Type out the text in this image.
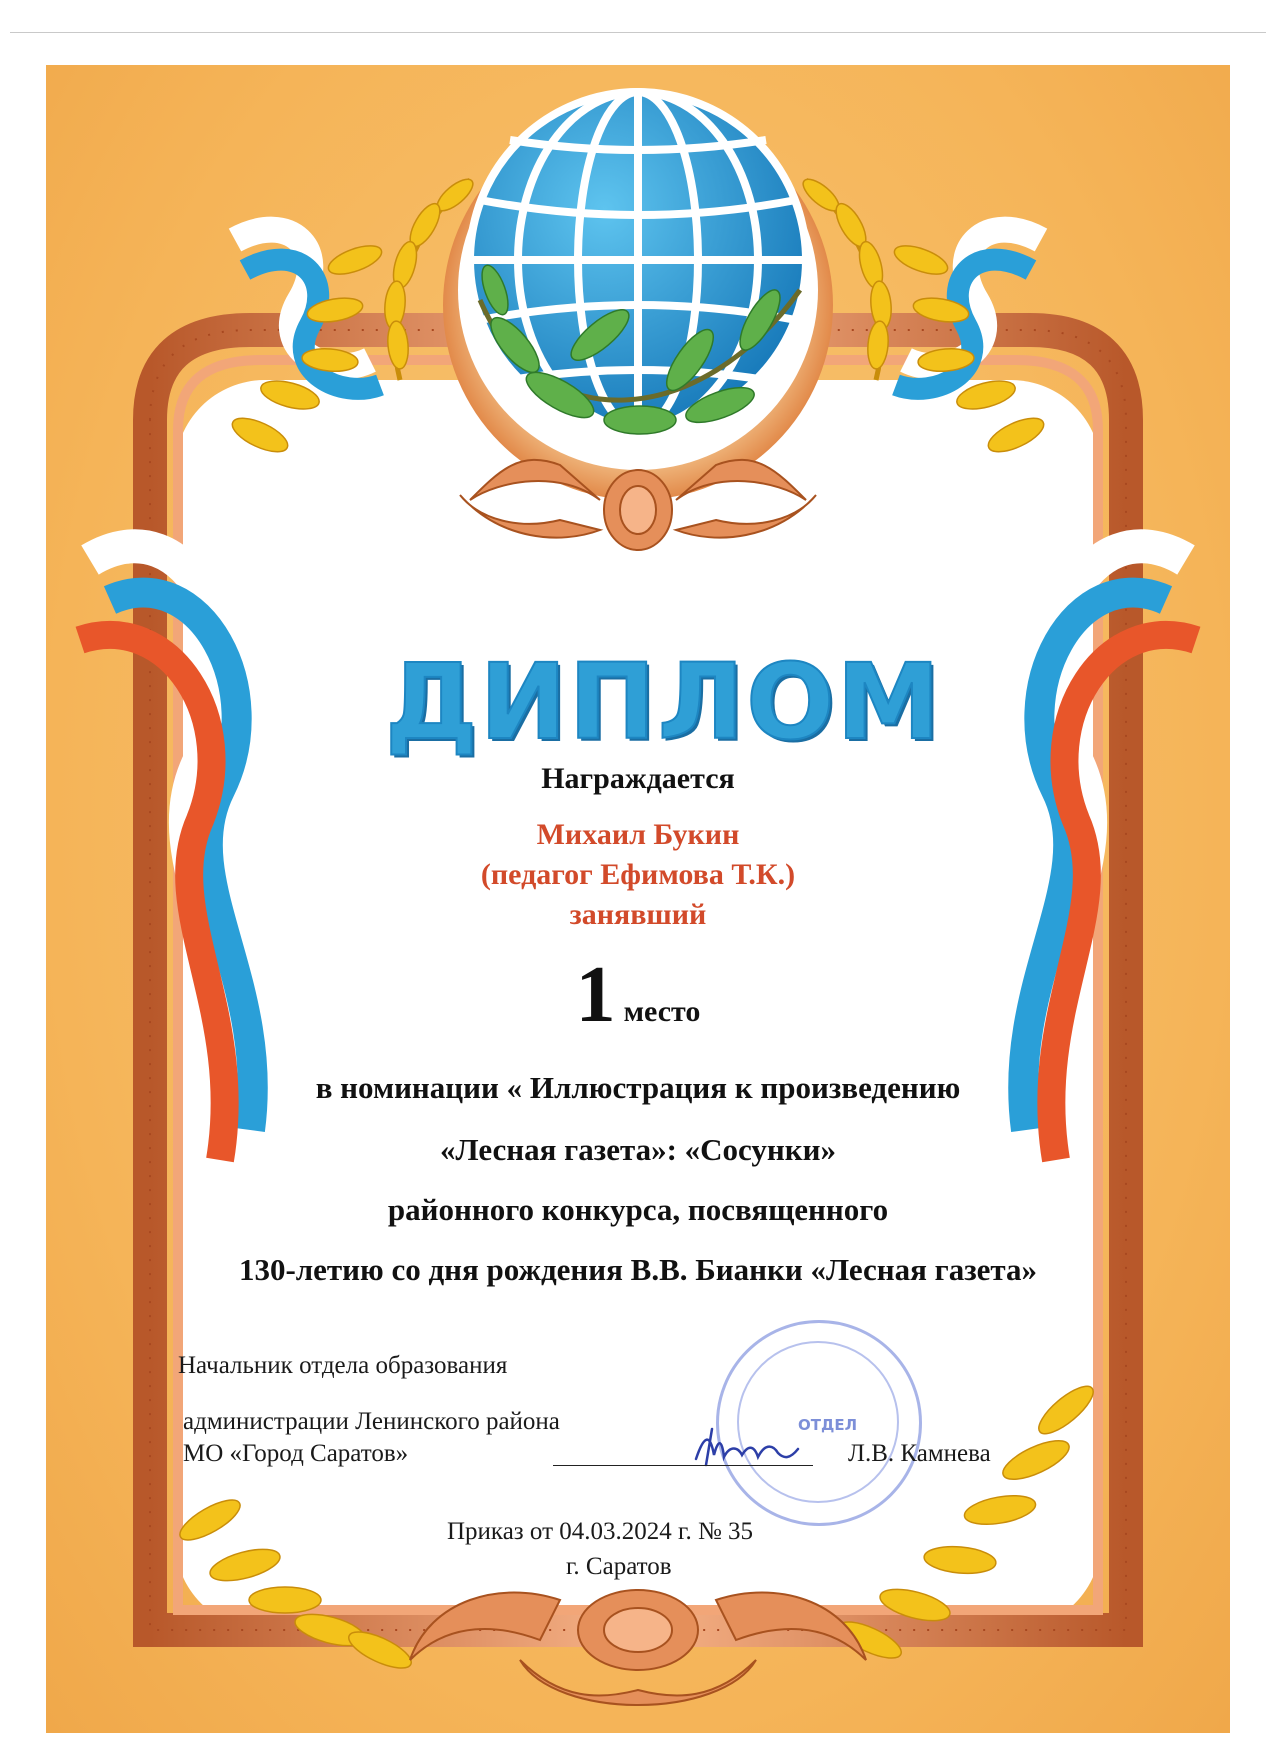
ОТДЕЛ
ДИПЛОМ
Награждается
Михаил Букин
(педагог Ефимова Т.К.)
занявший
1 место
в номинации « Иллюстрация к произведению
«Лесная газета»: «Сосунки»
районного конкурса, посвященного
130-летию со дня рождения В.В. Бианки «Лесная газета»
Начальник отдела образования
администрации Ленинского района
МО «Город Саратов»	Л.В. Камнева
Приказ от 04.03.2024 г. № 35
г. Саратов
